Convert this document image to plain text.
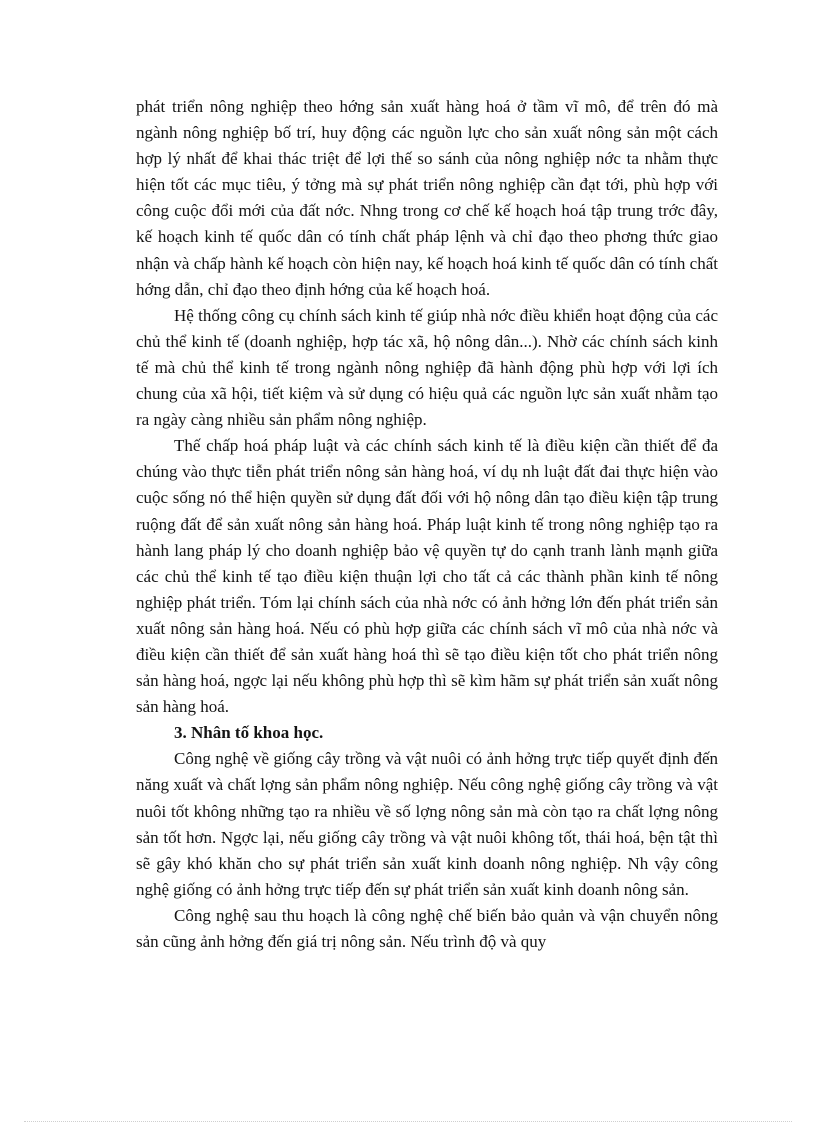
phát triển nông nghiệp theo hớng sản xuất hàng hoá ở tầm vĩ mô, để trên đó mà ngành nông nghiệp bố trí, huy động các nguồn lực cho sản xuất nông sản một cách hợp lý nhất để khai thác triệt để lợi thế so sánh của nông nghiệp nớc ta nhằm thực hiện tốt các mục tiêu, ý tởng mà sự phát triển nông nghiệp cần đạt tới, phù hợp với công cuộc đổi mới của đất nớc. Nhng trong cơ chế kế hoạch hoá tập trung trớc đây, kế hoạch kinh tế quốc dân có tính chất pháp lệnh và chỉ đạo theo phơng thức giao nhận và chấp hành kế hoạch còn hiện nay, kế hoạch hoá kinh tế quốc dân có tính chất hớng dẫn, chỉ đạo theo định hớng của kế hoạch hoá.

Hệ thống công cụ chính sách kinh tế giúp nhà nớc điều khiển hoạt động của các chủ thể kinh tế (doanh nghiệp, hợp tác xã, hộ nông dân...). Nhờ các chính sách kinh tế mà chủ thể kinh tế trong ngành nông nghiệp đã hành động phù hợp với lợi ích chung của xã hội, tiết kiệm và sử dụng có hiệu quả các nguồn lực sản xuất nhằm tạo ra ngày càng nhiều sản phẩm nông nghiệp.

Thế chấp hoá pháp luật và các chính sách kinh tế là điều kiện cần thiết để đa chúng vào thực tiễn phát triển nông sản hàng hoá, ví dụ nh luật đất đai thực hiện vào cuộc sống nó thể hiện quyền sử dụng đất đối với hộ nông dân tạo điều kiện tập trung ruộng đất để sản xuất nông sản hàng hoá. Pháp luật kinh tế trong nông nghiệp tạo ra hành lang pháp lý cho doanh nghiệp bảo vệ quyền tự do cạnh tranh lành mạnh giữa các chủ thể kinh tế tạo điều kiện thuận lợi cho tất cả các thành phần kinh tế nông nghiệp phát triển. Tóm lại chính sách của nhà nớc có ảnh hởng lớn đến phát triển sản xuất nông sản hàng hoá. Nếu có phù hợp giữa các chính sách vĩ mô của nhà nớc và điều kiện cần thiết để sản xuất hàng hoá thì sẽ tạo điều kiện tốt cho phát triển nông sản hàng hoá, ngợc lại nếu không phù hợp thì sẽ kìm hãm sự phát triển sản xuất nông sản hàng hoá.

3. Nhân tố khoa học.

Công nghệ về giống cây trồng và vật nuôi có ảnh hởng trực tiếp quyết định đến năng xuất và chất lợng sản phẩm nông nghiệp. Nếu công nghệ giống cây trồng và vật nuôi tốt không những tạo ra nhiều về số lợng nông sản mà còn tạo ra chất lợng nông sản tốt hơn. Ngợc lại, nếu giống cây trồng và vật nuôi không tốt, thái hoá, bện tật thì sẽ gây khó khăn cho sự phát triển sản xuất kinh doanh nông nghiệp. Nh vậy công nghệ giống có ảnh hởng trực tiếp đến sự phát triển sản xuất kinh doanh nông sản.

Công nghệ sau thu hoạch là công nghệ chế biến bảo quản và vận chuyển nông sản cũng ảnh hởng đến giá trị nông sản. Nếu trình độ và quy
